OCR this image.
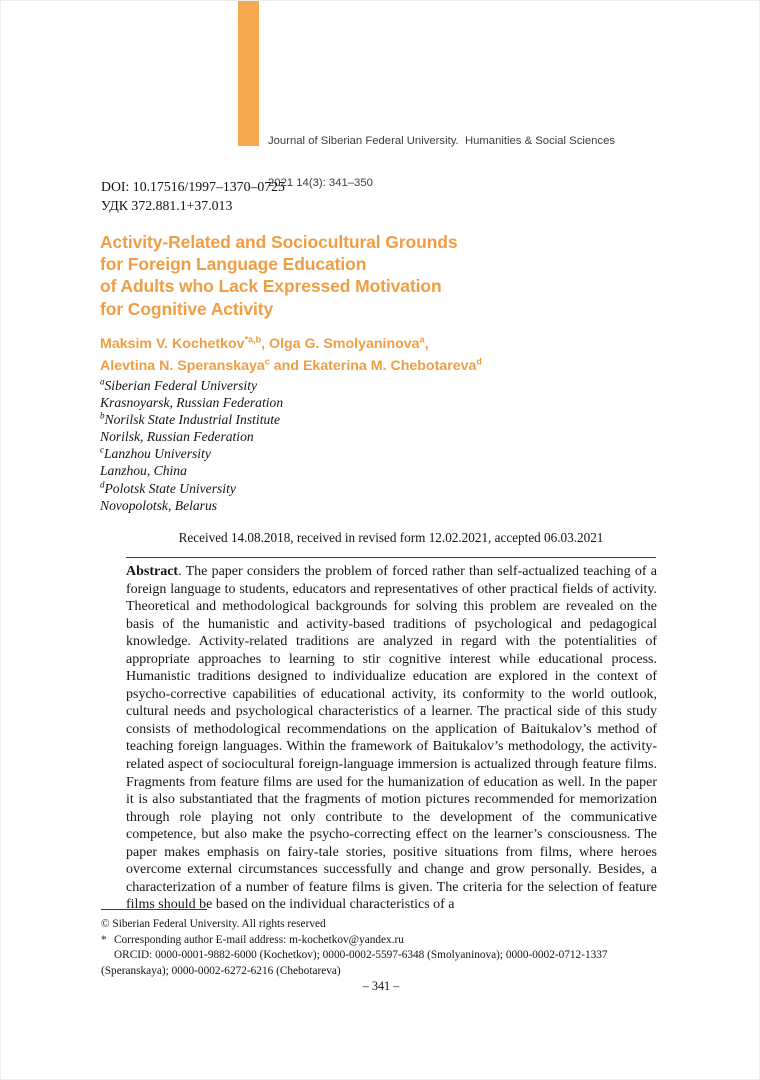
Journal of Siberian Federal University.  Humanities & Social Sciences

2021 14(3): 341–350

DOI: 10.17516/1997–1370–0725
УДК 372.881.1+37.013
Activity-Related and Sociocultural Grounds
for Foreign Language Education
of Adults who Lack Expressed Motivation
for Cognitive Activity
Maksim V. Kochetkov$^{*a,b}$, Olga G. Smolyaninova$^a$,
Alevtina N. Speranskaya$^c$ and Ekaterina M. Chebotareva$^d$
$^a$Siberian Federal University
Krasnoyarsk, Russian Federation
$^b$Norilsk State Industrial Institute
Norilsk, Russian Federation
$^c$Lanzhou University
Lanzhou, China
$^d$Polotsk State University
Novopolotsk, Belarus
Received 14.08.2018, received in revised form 12.02.2021, accepted 06.03.2021
Abstract. The paper considers the problem of forced rather than self-actualized teaching of a foreign language to students, educators and representatives of other practical fields of activity. Theoretical and methodological backgrounds for solving this problem are revealed on the basis of the humanistic and activity-based traditions of psychological and pedagogical knowledge. Activity-related traditions are analyzed in regard with the potentialities of appropriate approaches to learning to stir cognitive interest while educational process. Humanistic traditions designed to individualize education are explored in the context of psycho-corrective capabilities of educational activity, its conformity to the world outlook, cultural needs and psychological characteristics of a learner. The practical side of this study consists of methodological recommendations on the application of Baitukalov’s method of teaching foreign languages. Within the framework of Baitukalov’s methodology, the activity-related aspect of sociocultural foreign-language immersion is actualized through feature films. Fragments from feature films are used for the humanization of education as well. In the paper it is also substantiated that the fragments of motion pictures recommended for memorization through role playing not only contribute to the development of the communicative competence, but also make the psycho-correcting effect on the learner’s consciousness. The paper makes emphasis on fairy-tale stories, positive situations from films, where heroes overcome external circumstances successfully and change and grow personally. Besides, a characterization of a number of feature films is given. The criteria for the selection of feature films should be based on the individual characteristics of a
© Siberian Federal University. All rights reserved
* Corresponding author E-mail address: m-kochetkov@yandex.ru
ORCID: 0000-0001-9882-6000 (Kochetkov); 0000-0002-5597-6348 (Smolyaninova); 0000-0002-0712-1337 (Speranskaya); 0000-0002-6272-6216 (Chebotareva)
– 341 –
